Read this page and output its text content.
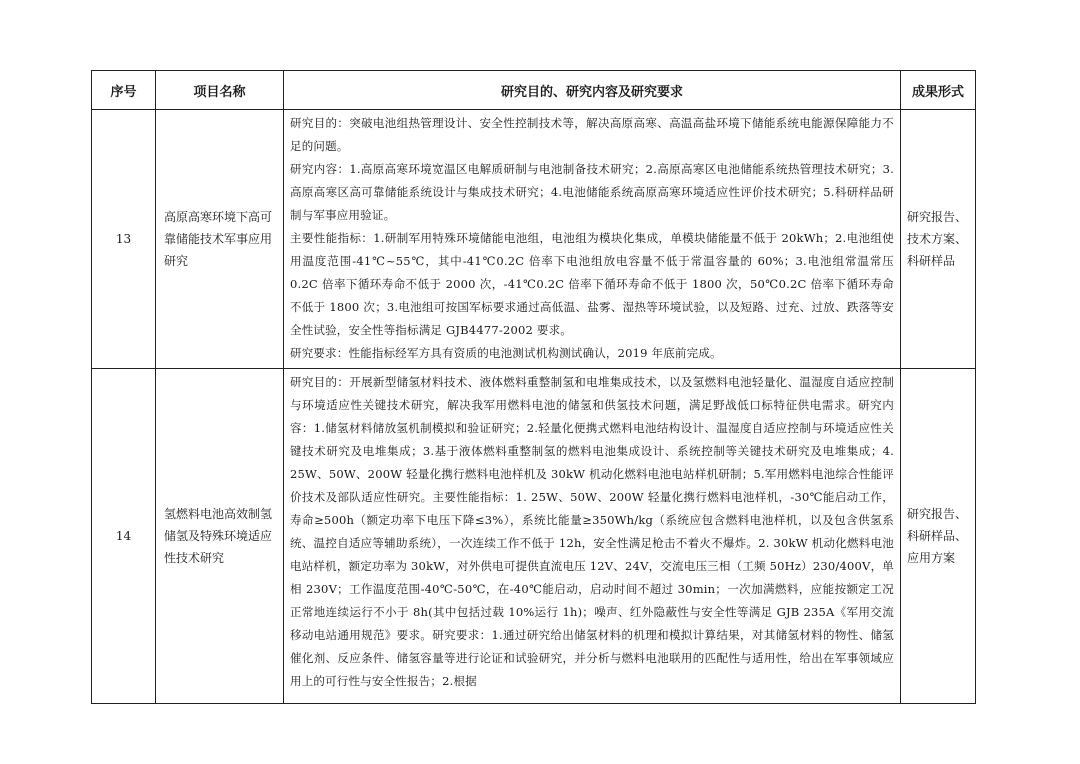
序号	项目名称	研究目的、研究内容及研究要求	成果形式
13	高原高寒环境下高可靠储能技术军事应用研究	研究目的：突破电池组热管理设计、安全性控制技术等，解决高原高寒、高温高盐环境下储能系统电能源保障能力不足的问题。

研究内容：1.高原高寒环境宽温区电解质研制与电池制备技术研究；2.高原高寒区电池储能系统热管理技术研究；3.高原高寒区高可靠储能系统设计与集成技术研究；4.电池储能系统高原高寒环境适应性评价技术研究；5.科研样品研制与军事应用验证。

主要性能指标：1.研制军用特殊环境储能电池组，电池组为模块化集成，单模块储能量不低于 20kWh；2.电池组使用温度范围-41℃~55℃，其中-41℃0.2C 倍率下电池组放电容量不低于常温容量的 60%；3.电池组常温常压 0.2C 倍率下循环寿命不低于 2000 次，-41℃0.2C 倍率下循环寿命不低于 1800 次，50℃0.2C 倍率下循环寿命不低于 1800 次；3.电池组可按国军标要求通过高低温、盐雾、湿热等环境试验，以及短路、过充、过放、跌落等安全性试验，安全性等指标满足 GJB4477-2002 要求。

研究要求：性能指标经军方具有资质的电池测试机构测试确认，2019 年底前完成。	研究报告、技术方案、科研样品
14	氢燃料电池高效制氢储氢及特殊环境适应性技术研究	研究目的：开展新型储氢材料技术、液体燃料重整制氢和电堆集成技术，以及氢燃料电池轻量化、温湿度自适应控制与环境适应性关键技术研究，解决我军用燃料电池的储氢和供氢技术问题，满足野战低口标特征供电需求。研究内容：1.储氢材料储放氢机制模拟和验证研究；2.轻量化便携式燃料电池结构设计、温湿度自适应控制与环境适应性关键技术研究及电堆集成；3.基于液体燃料重整制氢的燃料电池集成设计、系统控制等关键技术研究及电堆集成；4. 25W、50W、200W 轻量化携行燃料电池样机及 30kW 机动化燃料电池电站样机研制；5.军用燃料电池综合性能评价技术及部队适应性研究。主要性能指标：1. 25W、50W、200W 轻量化携行燃料电池样机，-30℃能启动工作，寿命≥500h（额定功率下电压下降≤3%），系统比能量≥350Wh/kg（系统应包含燃料电池样机，以及包含供氢系统、温控自适应等辅助系统），一次连续工作不低于 12h，安全性满足枪击不着火不爆炸。2. 30kW 机动化燃料电池电站样机，额定功率为 30kW，对外供电可提供直流电压 12V、24V，交流电压三相（工频 50Hz）230/400V，单相 230V；工作温度范围-40℃-50℃，在-40℃能启动，启动时间不超过 30min；一次加满燃料，应能按额定工况正常地连续运行不小于 8h(其中包括过载 10%运行 1h)；噪声、红外隐蔽性与安全性等满足 GJB 235A《军用交流移动电站通用规范》要求。研究要求：1.通过研究给出储氢材料的机理和模拟计算结果，对其储氢材料的物性、储氢催化剂、反应条件、储氢容量等进行论证和试验研究，并分析与燃料电池联用的匹配性与适用性，给出在军事领域应用上的可行性与安全性报告；2.根据	研究报告、科研样品、应用方案
